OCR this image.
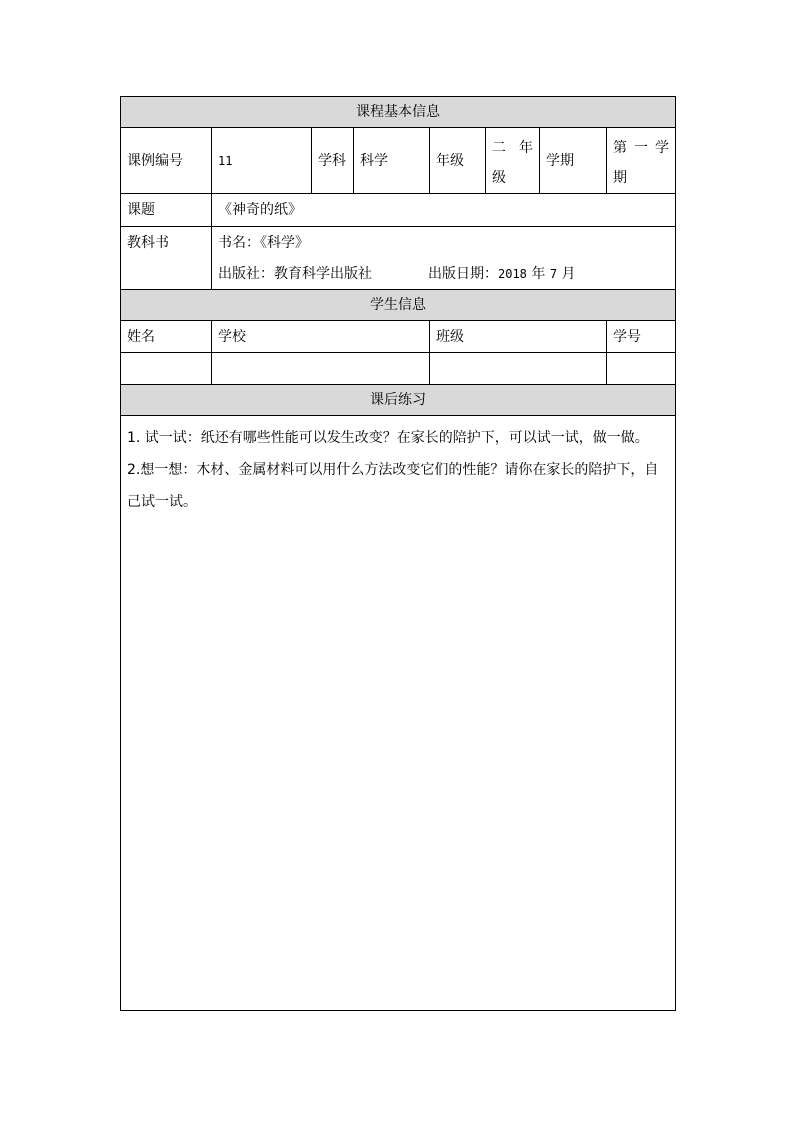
课程基本信息							
课例编号	11	学科	科学	年级	二 年 级	学期	第 一 学 期
课题	《神奇的纸》						
教科书	书名：《科学》
出版社：教育科学出版社 出版日期：2018 年 7 月						

学生信息							
姓名	学校			班级			学号

课后练习							

1. 试一试：纸还有哪些性能可以发生改变？在家长的陪护下，可以试一试，做一做。

2.想一想：木材、金属材料可以用什么方法改变它们的性能？请你在家长的陪护下，自己试一试。							
